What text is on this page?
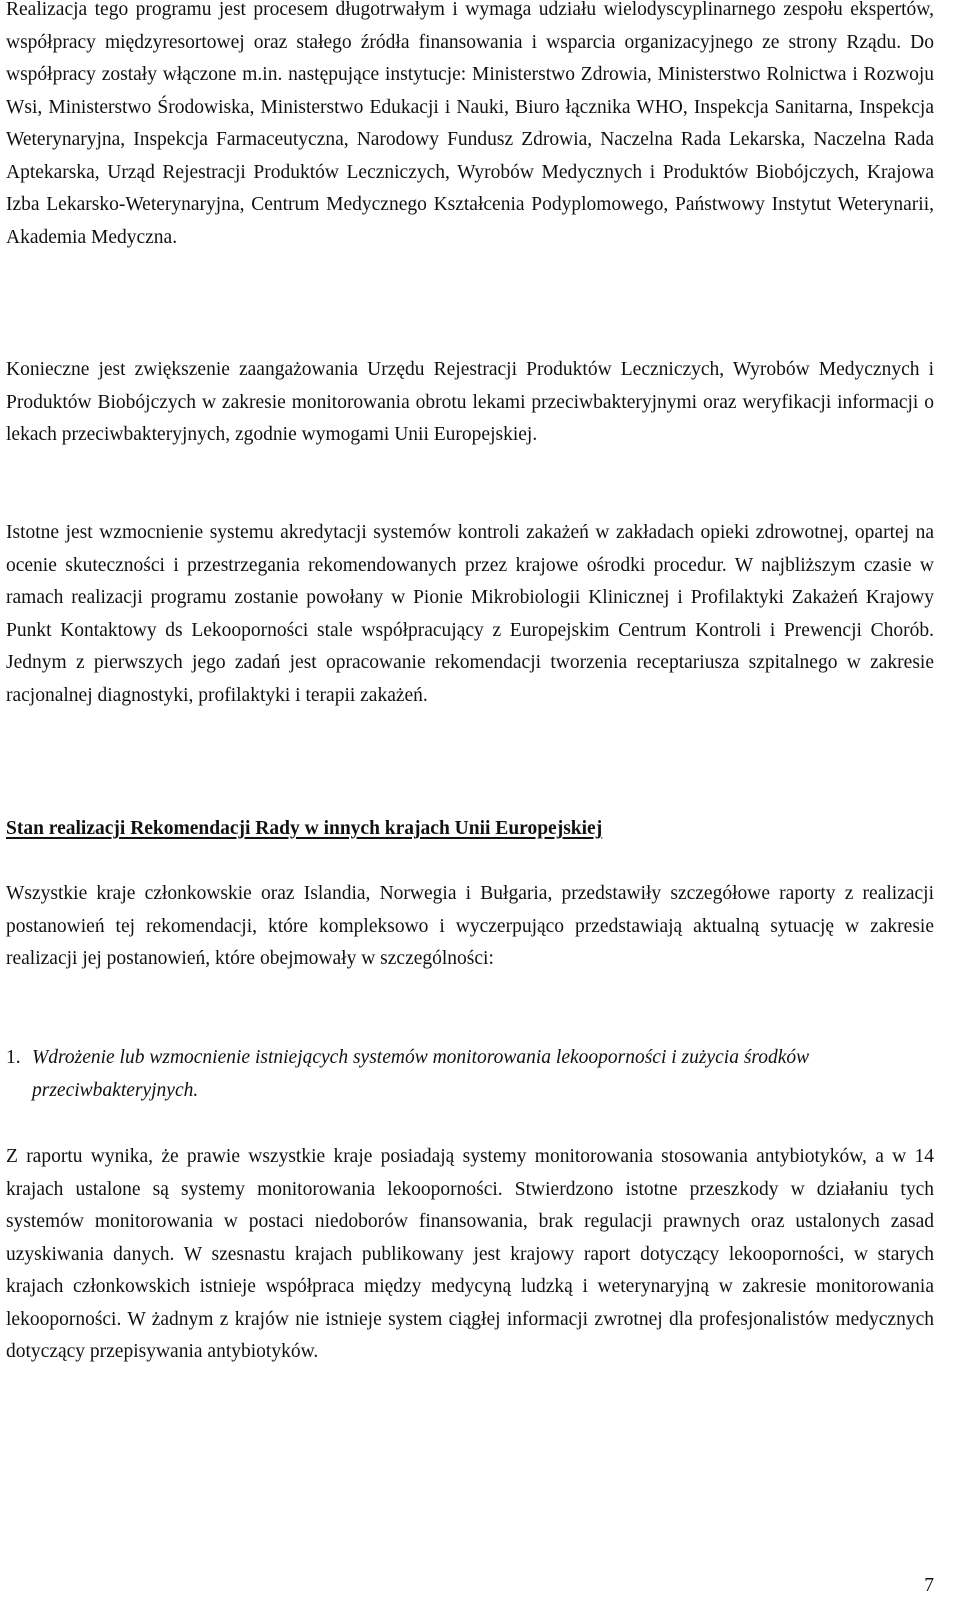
Realizacja tego programu jest procesem długotrwałym i wymaga udziału wielodyscyplinarnego zespołu ekspertów, współpracy międzyresortowej oraz stałego źródła finansowania i wsparcia organizacyjnego ze strony Rządu. Do współpracy zostały włączone m.in. następujące instytucje: Ministerstwo Zdrowia, Ministerstwo Rolnictwa i Rozwoju Wsi, Ministerstwo Środowiska, Ministerstwo Edukacji i Nauki, Biuro łącznika WHO, Inspekcja Sanitarna, Inspekcja Weterynaryjna, Inspekcja Farmaceutyczna, Narodowy Fundusz Zdrowia, Naczelna Rada Lekarska, Naczelna Rada Aptekarska, Urząd Rejestracji Produktów Leczniczych, Wyrobów Medycznych i Produktów Biobójczych, Krajowa Izba Lekarsko-Weterynaryjna, Centrum Medycznego Kształcenia Podyplomowego, Państwowy Instytut Weterynarii, Akademia Medyczna.

Konieczne jest zwiększenie zaangażowania Urzędu Rejestracji Produktów Leczniczych, Wyrobów Medycznych i Produktów Biobójczych w zakresie monitorowania obrotu lekami przeciwbakteryjnymi oraz weryfikacji informacji o lekach przeciwbakteryjnych, zgodnie wymogami Unii Europejskiej.

Istotne jest wzmocnienie systemu akredytacji systemów kontroli zakażeń w zakładach opieki zdrowotnej, opartej na ocenie skuteczności i przestrzegania rekomendowanych przez krajowe ośrodki procedur. W najbliższym czasie w ramach realizacji programu zostanie powołany w Pionie Mikrobiologii Klinicznej i Profilaktyki Zakażeń Krajowy Punkt Kontaktowy ds Lekooporności stale współpracujący z Europejskim Centrum Kontroli i Prewencji Chorób. Jednym z pierwszych jego zadań jest opracowanie rekomendacji tworzenia receptariusza szpitalnego w zakresie racjonalnej diagnostyki, profilaktyki i terapii zakażeń.

Stan realizacji Rekomendacji Rady w innych krajach Unii Europejskiej

Wszystkie kraje członkowskie oraz Islandia, Norwegia i Bułgaria, przedstawiły szczegółowe raporty z realizacji postanowień tej rekomendacji, które kompleksowo i wyczerpująco przedstawiają aktualną sytuację w zakresie realizacji jej postanowień, które obejmowały w szczególności:

1. Wdrożenie lub wzmocnienie istniejących systemów monitorowania lekooporności i zużycia środków przeciwbakteryjnych.

Z raportu wynika, że prawie wszystkie kraje posiadają systemy monitorowania stosowania antybiotyków, a w 14 krajach ustalone są systemy monitorowania lekooporności. Stwierdzono istotne przeszkody w działaniu tych systemów monitorowania w postaci niedoborów finansowania, brak regulacji prawnych oraz ustalonych zasad uzyskiwania danych. W szesnastu krajach publikowany jest krajowy raport dotyczący lekooporności, w starych krajach członkowskich istnieje współpraca między medycyną ludzką i weterynaryjną w zakresie monitorowania lekooporności. W żadnym z krajów nie istnieje system ciągłej informacji zwrotnej dla profesjonalistów medycznych dotyczący przepisywania antybiotyków.

7
